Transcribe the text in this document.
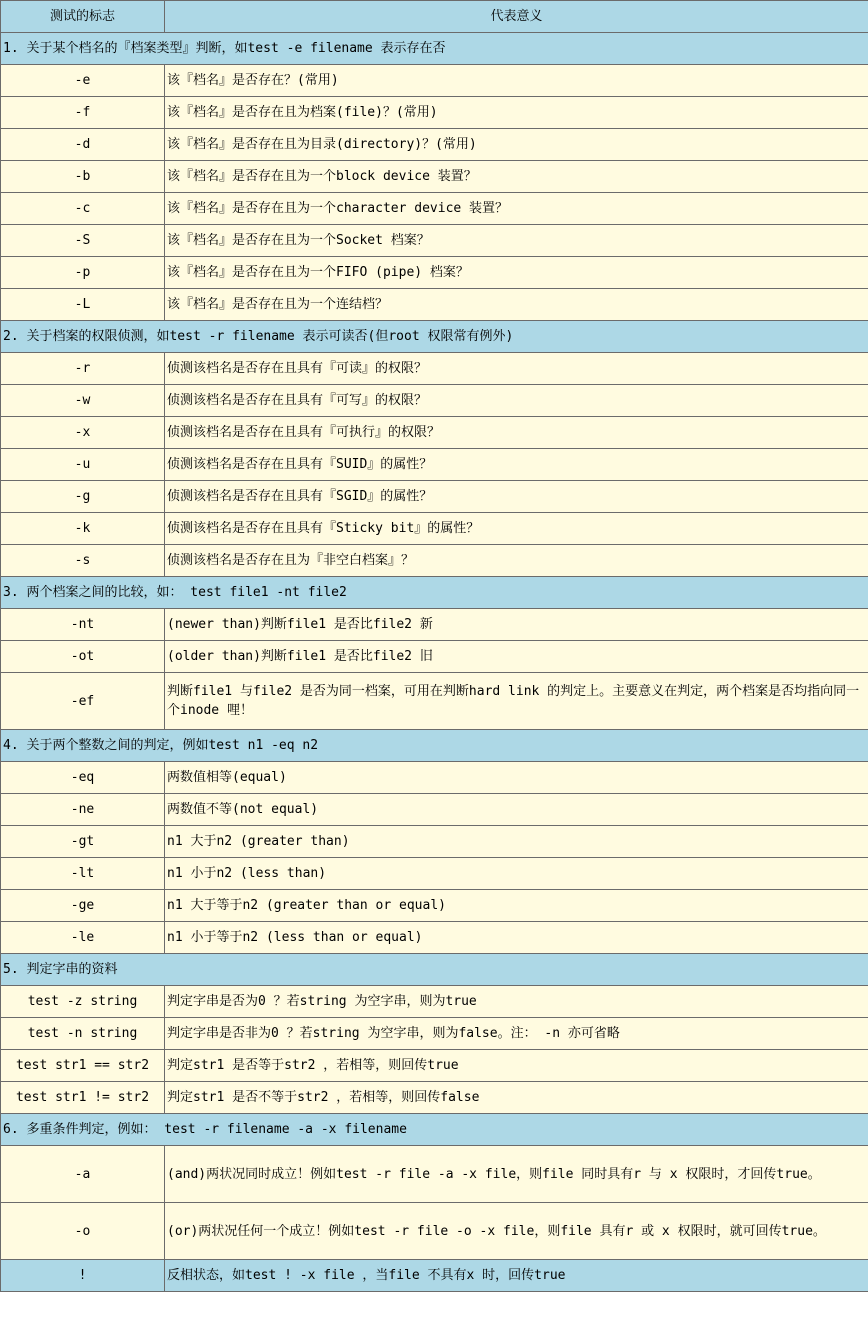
测试的标志	代表意义
1. 关于某个档名的『档案类型』判断，如test -e filename 表示存在否	
-e	该『档名』是否存在？(常用)
-f	该『档名』是否存在且为档案(file)？(常用)
-d	该『档名』是否存在且为目录(directory)？(常用)
-b	该『档名』是否存在且为一个block device 装置？
-c	该『档名』是否存在且为一个character device 装置？
-S	该『档名』是否存在且为一个Socket 档案？
-p	该『档名』是否存在且为一个FIFO (pipe) 档案？
-L	该『档名』是否存在且为一个连结档？
2. 关于档案的权限侦测，如test -r filename 表示可读否(但root 权限常有例外)	
-r	侦测该档名是否存在且具有『可读』的权限？
-w	侦测该档名是否存在且具有『可写』的权限？
-x	侦测该档名是否存在且具有『可执行』的权限？
-u	侦测该档名是否存在且具有『SUID』的属性？
-g	侦测该档名是否存在且具有『SGID』的属性？
-k	侦测该档名是否存在且具有『Sticky bit』的属性？
-s	侦测该档名是否存在且为『非空白档案』？
3. 两个档案之间的比较，如： test file1 -nt file2	
-nt	(newer than)判断file1 是否比file2 新
-ot	(older than)判断file1 是否比file2 旧
-ef	判断file1 与file2 是否为同一档案，可用在判断hard link 的判定上。主要意义在判定，两个档案是否均指向同一个inode 哩！
4. 关于两个整数之间的判定，例如test n1 -eq n2	
-eq	两数值相等(equal)
-ne	两数值不等(not equal)
-gt	n1 大于n2 (greater than)
-lt	n1 小于n2 (less than)
-ge	n1 大于等于n2 (greater than or equal)
-le	n1 小于等于n2 (less than or equal)
5. 判定字串的资料	
test -z string	判定字串是否为0 ？若string 为空字串，则为true
test -n string	判定字串是否非为0 ？若string 为空字串，则为false。注： -n 亦可省略
test str1 == str2	判定str1 是否等于str2 ，若相等，则回传true
test str1 != str2	判定str1 是否不等于str2 ，若相等，则回传false
6. 多重条件判定，例如： test -r filename -a -x filename	
-a	(and)两状况同时成立！例如test -r file -a -x file，则file 同时具有r 与 x 权限时，才回传true。
-o	(or)两状况任何一个成立！例如test -r file -o -x file，则file 具有r 或 x 权限时，就可回传true。
!	反相状态，如test ! -x file ，当file 不具有x 时，回传true
